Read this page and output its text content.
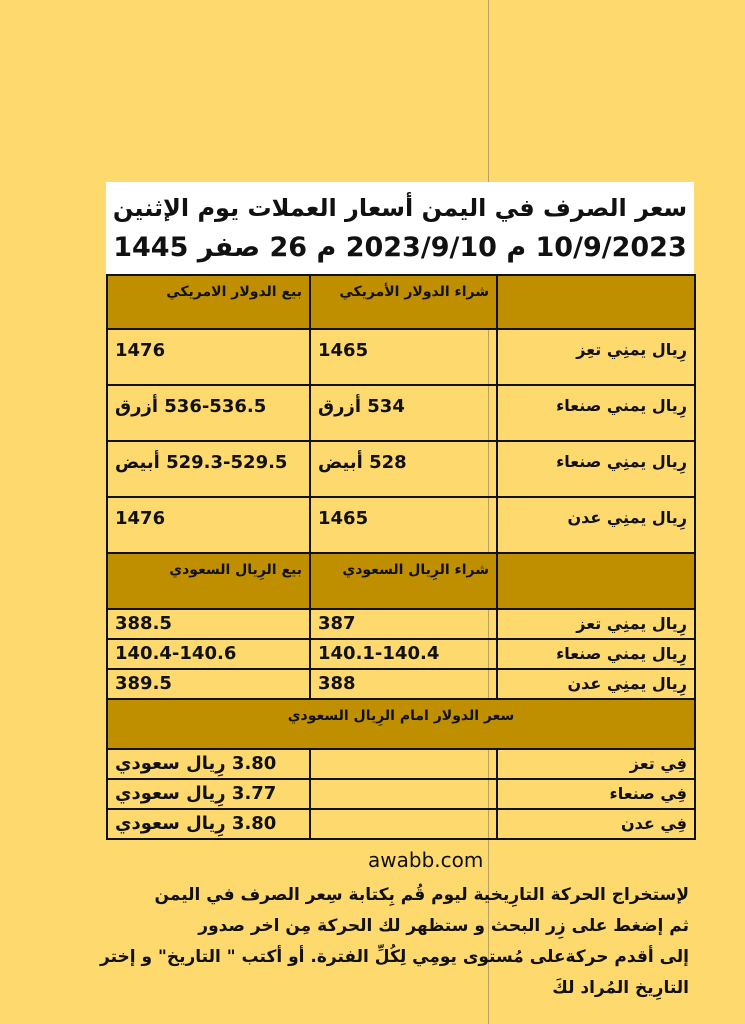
سعر الصرف في اليمن أسعار العملات يوم الإثنين
10/9/2023 م 2023/9/10 م 26 صفر 1445
	شراء الدولار الأمريكي	بيع الدولار الامريكي
رِيال يمنِي تعِز	1465	1476
رِيال يمني صنعاء	534 أزرق	536-536.5 أزرق
رِيال يمنِي صنعاء	528 أبيض	529.3-529.5 أبيض
رِيال يمنِي عدن	1465	1476
	شراء الرِيال السعودي	بيع الرِيال السعودي
رِيال يمنِي تعز	387	388.5
رِيال يمني صنعاء	140.1-140.4	140.4-140.6
رِيال يمنِي عدن	388	389.5
سعر الدولار امام الرِيال السعودي		
فِي تعز		3.80 رِيال سعودي
فِي صنعاء		3.77 رِيال سعودي
فِي عدن		3.80 رِيال سعودي
awabb.com
لإستخراج الحركة التارِيخية ليوم قُم بِكتابة سِعر الصرف في اليمن
ثم إضغط على زِر البحث و ستظهر لك الحركة مِن اخر صدور
إلى أقدم حركةعلى مُستوى يومِي لِكُلِّ الفترة. أو أكتب " التاريخ" و إختر
التارِيخ المُراد لكَ
